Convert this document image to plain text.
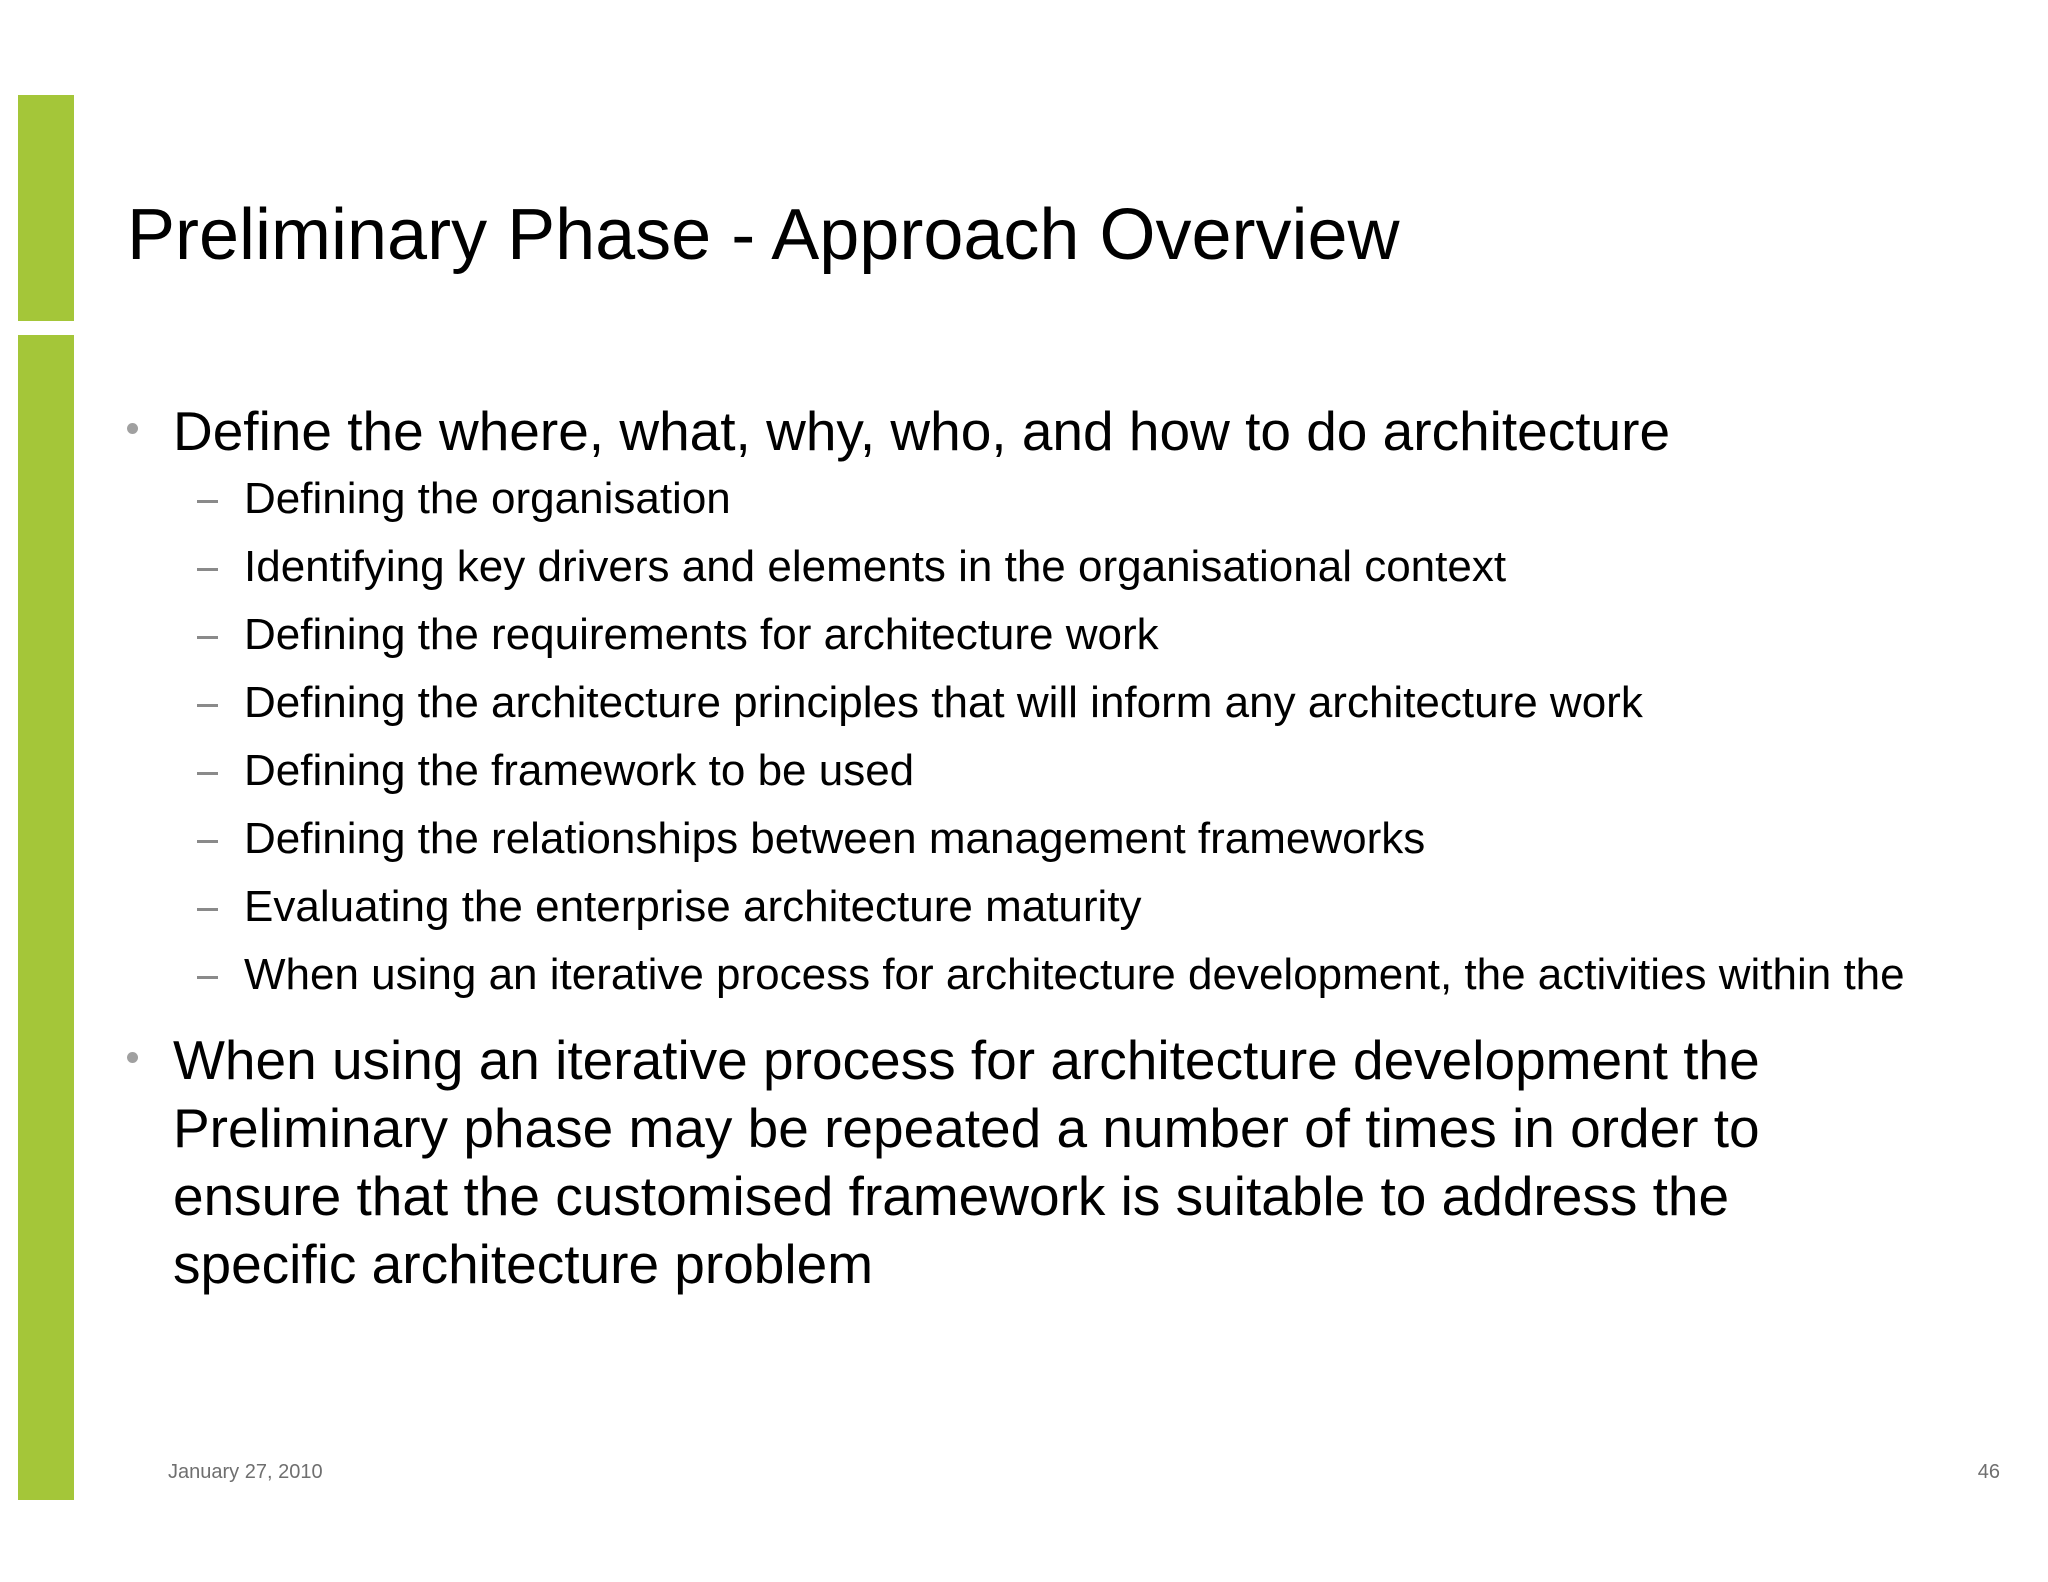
Preliminary Phase - Approach Overview
Define the where, what, why, who, and how to do architecture
Defining the organisation
Identifying key drivers and elements in the organisational context
Defining the requirements for architecture work
Defining the architecture principles that will inform any architecture work
Defining the framework to be used
Defining the relationships between management frameworks
Evaluating the enterprise architecture maturity
When using an iterative process for architecture development, the activities within the
When using an iterative process for architecture development the Preliminary phase may be repeated a number of times in order to ensure that the customised framework is suitable to address the specific architecture problem
January 27, 2010	46
